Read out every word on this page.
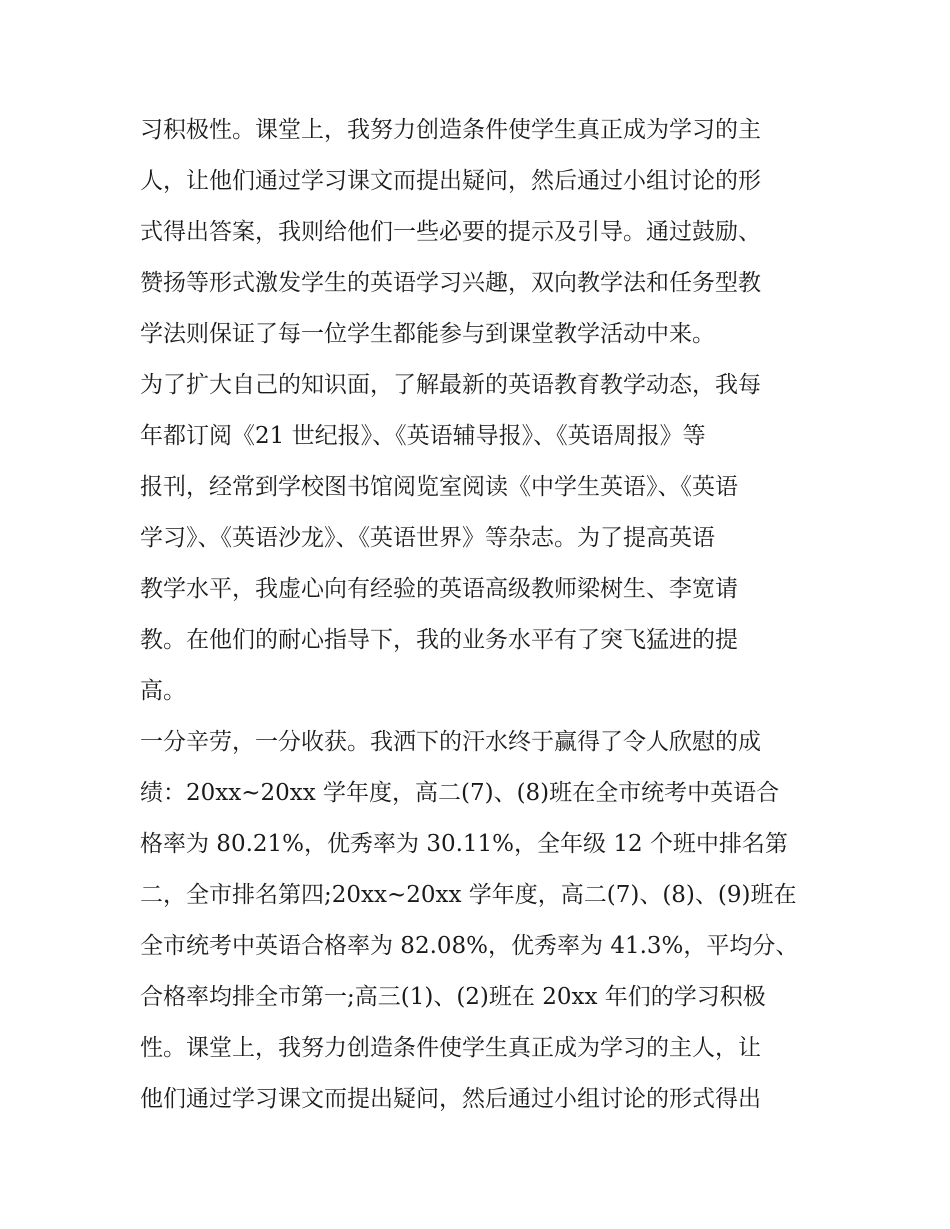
习积极性。课堂上，我努力创造条件使学生真正成为学习的主
人，让他们通过学习课文而提出疑问，然后通过小组讨论的形
式得出答案，我则给他们一些必要的提示及引导。通过鼓励、
赞扬等形式激发学生的英语学习兴趣，双向教学法和任务型教
学法则保证了每一位学生都能参与到课堂教学活动中来。
为了扩大自己的知识面，了解最新的英语教育教学动态，我每
年都订阅《21 世纪报》、《英语辅导报》、《英语周报》等
报刊，经常到学校图书馆阅览室阅读《中学生英语》、《英语
学习》、《英语沙龙》、《英语世界》等杂志。为了提高英语
教学水平，我虚心向有经验的英语高级教师梁树生、李宽请
教。在他们的耐心指导下，我的业务水平有了突飞猛进的提
高。
一分辛劳，一分收获。我洒下的汗水终于赢得了令人欣慰的成
绩：20xx~20xx 学年度，高二(7)、(8)班在全市统考中英语合
格率为 80.21%，优秀率为 30.11%，全年级 12 个班中排名第
二，全市排名第四;20xx~20xx 学年度，高二(7)、(8)、(9)班在
全市统考中英语合格率为 82.08%，优秀率为 41.3%，平均分、
合格率均排全市第一;高三(1)、(2)班在 20xx 年们的学习积极
性。课堂上，我努力创造条件使学生真正成为学习的主人，让
他们通过学习课文而提出疑问，然后通过小组讨论的形式得出
